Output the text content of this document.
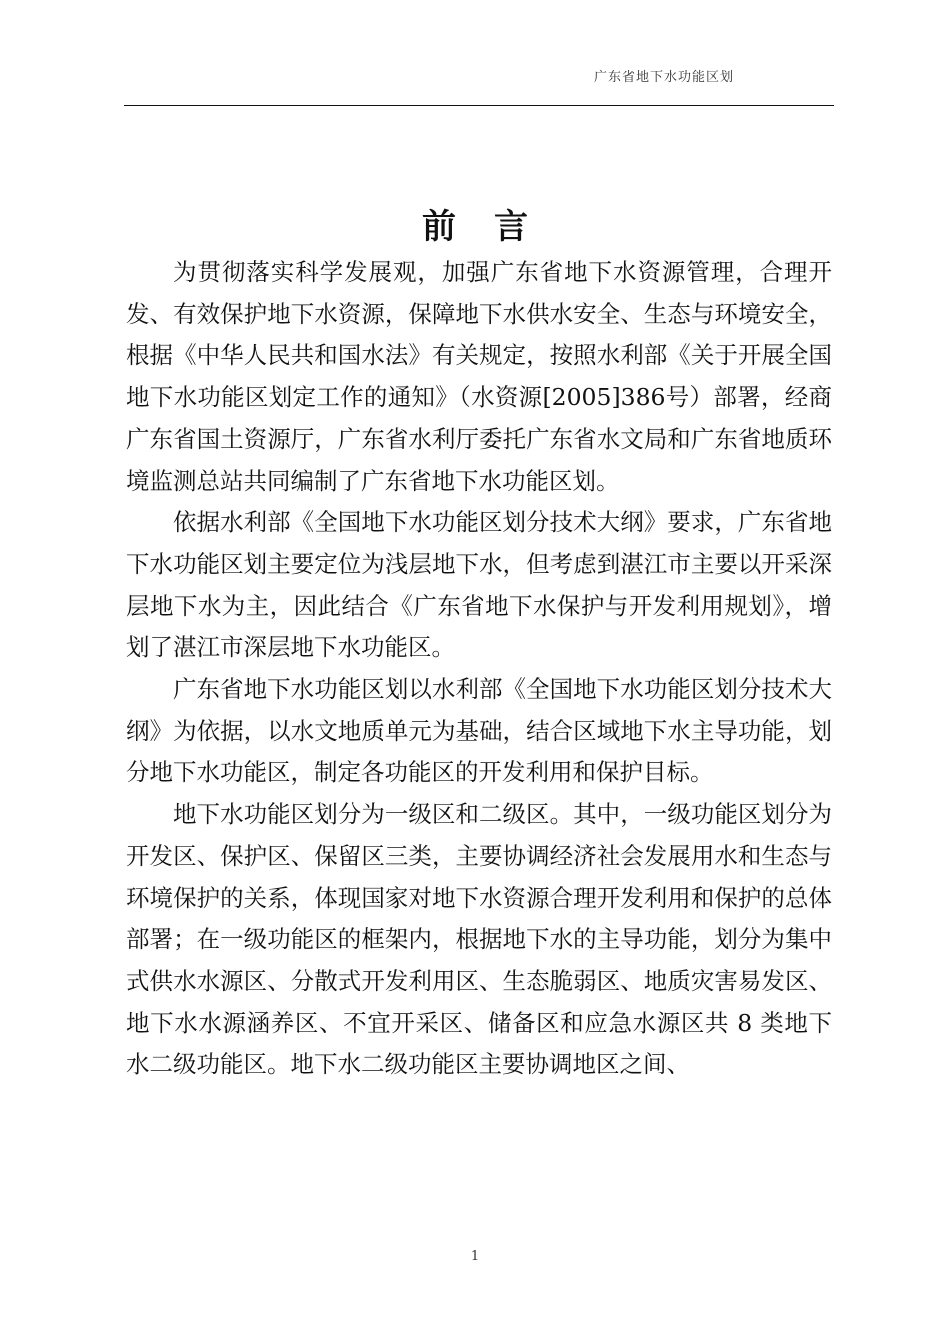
广东省地下水功能区划
前言

为贯彻落实科学发展观，加强广东省地下水资源管理，合理开发、有效保护地下水资源，保障地下水供水安全、生态与环境安全，根据《中华人民共和国水法》有关规定，按照水利部《关于开展全国地下水功能区划定工作的通知》（水资源[2005]386号）部署，经商广东省国土资源厅，广东省水利厅委托广东省水文局和广东省地质环境监测总站共同编制了广东省地下水功能区划。

依据水利部《全国地下水功能区划分技术大纲》要求，广东省地下水功能区划主要定位为浅层地下水，但考虑到湛江市主要以开采深层地下水为主，因此结合《广东省地下水保护与开发利用规划》，增划了湛江市深层地下水功能区。

广东省地下水功能区划以水利部《全国地下水功能区划分技术大纲》为依据，以水文地质单元为基础，结合区域地下水主导功能，划分地下水功能区，制定各功能区的开发利用和保护目标。

地下水功能区划分为一级区和二级区。其中，一级功能区划分为开发区、保护区、保留区三类，主要协调经济社会发展用水和生态与环境保护的关系，体现国家对地下水资源合理开发利用和保护的总体部署；在一级功能区的框架内，根据地下水的主导功能，划分为集中式供水水源区、分散式开发利用区、生态脆弱区、地质灾害易发区、地下水水源涵养区、不宜开采区、储备区和应急水源区共 8 类地下水二级功能区。地下水二级功能区主要协调地区之间、

1
